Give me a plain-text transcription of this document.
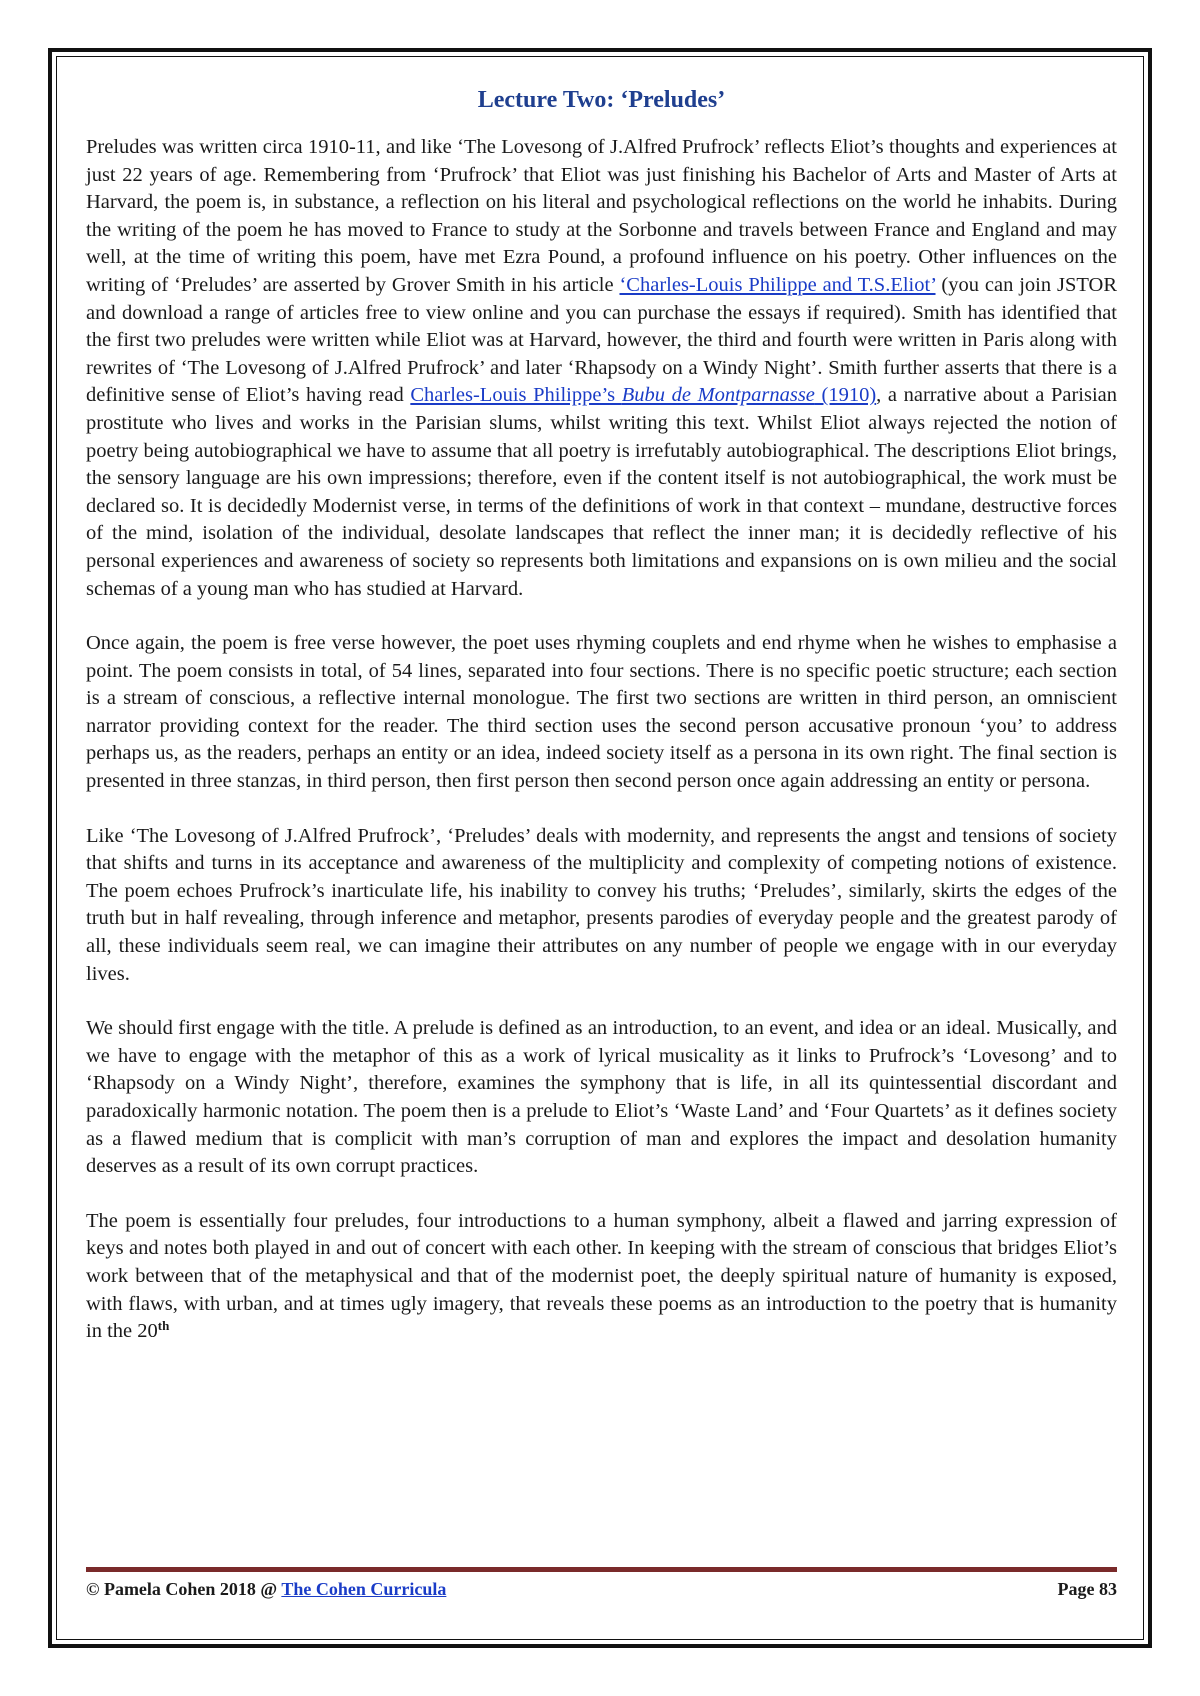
Lecture Two: ‘Preludes’

Preludes was written circa 1910-11, and like ‘The Lovesong of J.Alfred Prufrock’ reflects Eliot’s thoughts and experiences at just 22 years of age. Remembering from ‘Prufrock’ that Eliot was just finishing his Bachelor of Arts and Master of Arts at Harvard, the poem is, in substance, a reflection on his literal and psychological reflections on the world he inhabits. During the writing of the poem he has moved to France to study at the Sorbonne and travels between France and England and may well, at the time of writing this poem, have met Ezra Pound, a profound influence on his poetry. Other influences on the writing of ‘Preludes’ are asserted by Grover Smith in his article ‘Charles-Louis Philippe and T.S.Eliot’ (you can join JSTOR and download a range of articles free to view online and you can purchase the essays if required). Smith has identified that the first two preludes were written while Eliot was at Harvard, however, the third and fourth were written in Paris along with rewrites of ‘The Lovesong of J.Alfred Prufrock’ and later ‘Rhapsody on a Windy Night’. Smith further asserts that there is a definitive sense of Eliot’s having read Charles-Louis Philippe’s Bubu de Montparnasse (1910), a narrative about a Parisian prostitute who lives and works in the Parisian slums, whilst writing this text. Whilst Eliot always rejected the notion of poetry being autobiographical we have to assume that all poetry is irrefutably autobiographical. The descriptions Eliot brings, the sensory language are his own impressions; therefore, even if the content itself is not autobiographical, the work must be declared so. It is decidedly Modernist verse, in terms of the definitions of work in that context – mundane, destructive forces of the mind, isolation of the individual, desolate landscapes that reflect the inner man; it is decidedly reflective of his personal experiences and awareness of society so represents both limitations and expansions on is own milieu and the social schemas of a young man who has studied at Harvard.

Once again, the poem is free verse however, the poet uses rhyming couplets and end rhyme when he wishes to emphasise a point. The poem consists in total, of 54 lines, separated into four sections. There is no specific poetic structure; each section is a stream of conscious, a reflective internal monologue. The first two sections are written in third person, an omniscient narrator providing context for the reader. The third section uses the second person accusative pronoun ‘you’ to address perhaps us, as the readers, perhaps an entity or an idea, indeed society itself as a persona in its own right. The final section is presented in three stanzas, in third person, then first person then second person once again addressing an entity or persona.

Like ‘The Lovesong of J.Alfred Prufrock’, ‘Preludes’ deals with modernity, and represents the angst and tensions of society that shifts and turns in its acceptance and awareness of the multiplicity and complexity of competing notions of existence. The poem echoes Prufrock’s inarticulate life, his inability to convey his truths; ‘Preludes’, similarly, skirts the edges of the truth but in half revealing, through inference and metaphor, presents parodies of everyday people and the greatest parody of all, these individuals seem real, we can imagine their attributes on any number of people we engage with in our everyday lives.

We should first engage with the title. A prelude is defined as an introduction, to an event, and idea or an ideal. Musically, and we have to engage with the metaphor of this as a work of lyrical musicality as it links to Prufrock’s ‘Lovesong’ and to ‘Rhapsody on a Windy Night’, therefore, examines the symphony that is life, in all its quintessential discordant and paradoxically harmonic notation. The poem then is a prelude to Eliot’s ‘Waste Land’ and ‘Four Quartets’ as it defines society as a flawed medium that is complicit with man’s corruption of man and explores the impact and desolation humanity deserves as a result of its own corrupt practices.

The poem is essentially four preludes, four introductions to a human symphony, albeit a flawed and jarring expression of keys and notes both played in and out of concert with each other. In keeping with the stream of conscious that bridges Eliot’s work between that of the metaphysical and that of the modernist poet, the deeply spiritual nature of humanity is exposed, with flaws, with urban, and at times ugly imagery, that reveals these poems as an introduction to the poetry that is humanity in the 20th

© Pamela Cohen 2018 @ The Cohen Curricula	Page 83
